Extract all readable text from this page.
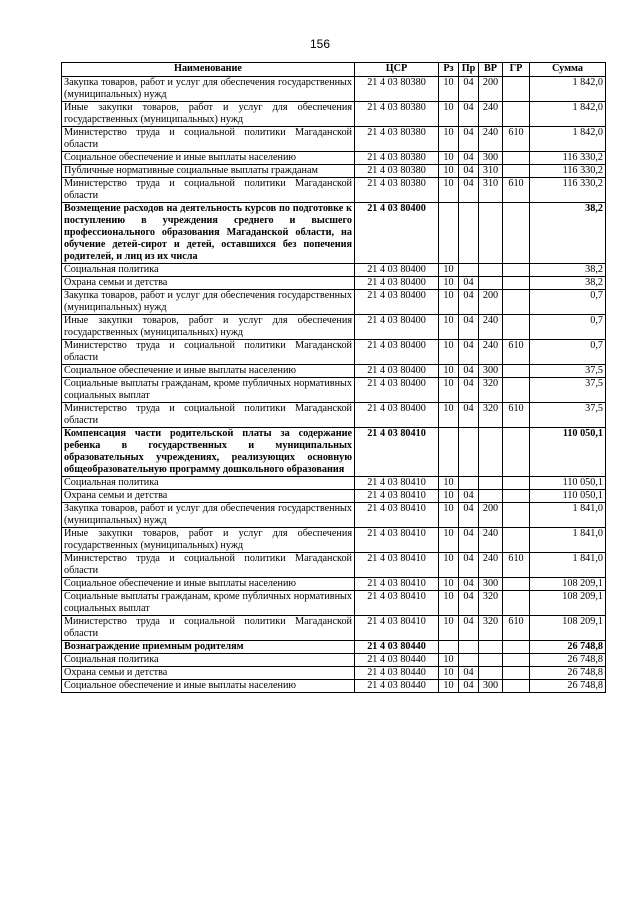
156
Наименование	ЦСР	Рз	Пр	ВР	ГР	Сумма
Закупка товаров, работ и услуг для обеспечения государственных (муниципальных) нужд	21 4 03 80380	10	04	200		1 842,0
Иные закупки товаров, работ и услуг для обеспечения государственных (муниципальных) нужд	21 4 03 80380	10	04	240		1 842,0
Министерство труда и социальной политики Магаданской области	21 4 03 80380	10	04	240	610	1 842,0
Социальное обеспечение и иные выплаты населению	21 4 03 80380	10	04	300		116 330,2
Публичные нормативные социальные выплаты гражданам	21 4 03 80380	10	04	310		116 330,2
Министерство труда и социальной политики Магаданской области	21 4 03 80380	10	04	310	610	116 330,2
Возмещение расходов на деятельность курсов по подготовке к поступлению в учреждения среднего и высшего профессионального образования Магаданской области, на обучение детей-сирот и детей, оставшихся без попечения родителей, и лиц из их числа	21 4 03 80400					38,2
Социальная политика	21 4 03 80400	10				38,2
Охрана семьи и детства	21 4 03 80400	10	04			38,2
Закупка товаров, работ и услуг для обеспечения государственных (муниципальных) нужд	21 4 03 80400	10	04	200		0,7
Иные закупки товаров, работ и услуг для обеспечения государственных (муниципальных) нужд	21 4 03 80400	10	04	240		0,7
Министерство труда и социальной политики Магаданской области	21 4 03 80400	10	04	240	610	0,7
Социальное обеспечение и иные выплаты населению	21 4 03 80400	10	04	300		37,5
Социальные выплаты гражданам, кроме публичных нормативных социальных выплат	21 4 03 80400	10	04	320		37,5
Министерство труда и социальной политики Магаданской области	21 4 03 80400	10	04	320	610	37,5
Компенсация части родительской платы за содержание ребенка в государственных и муниципальных образовательных учреждениях, реализующих основную общеобразовательную программу дошкольного образования	21 4 03 80410					110 050,1
Социальная политика	21 4 03 80410	10				110 050,1
Охрана семьи и детства	21 4 03 80410	10	04			110 050,1
Закупка товаров, работ и услуг для обеспечения государственных (муниципальных) нужд	21 4 03 80410	10	04	200		1 841,0
Иные закупки товаров, работ и услуг для обеспечения государственных (муниципальных) нужд	21 4 03 80410	10	04	240		1 841,0
Министерство труда и социальной политики Магаданской области	21 4 03 80410	10	04	240	610	1 841,0
Социальное обеспечение и иные выплаты населению	21 4 03 80410	10	04	300		108 209,1
Социальные выплаты гражданам, кроме публичных нормативных социальных выплат	21 4 03 80410	10	04	320		108 209,1
Министерство труда и социальной политики Магаданской области	21 4 03 80410	10	04	320	610	108 209,1
Вознаграждение приемным родителям	21 4 03 80440					26 748,8
Социальная политика	21 4 03 80440	10				26 748,8
Охрана семьи и детства	21 4 03 80440	10	04			26 748,8
Социальное обеспечение и иные выплаты населению	21 4 03 80440	10	04	300		26 748,8
